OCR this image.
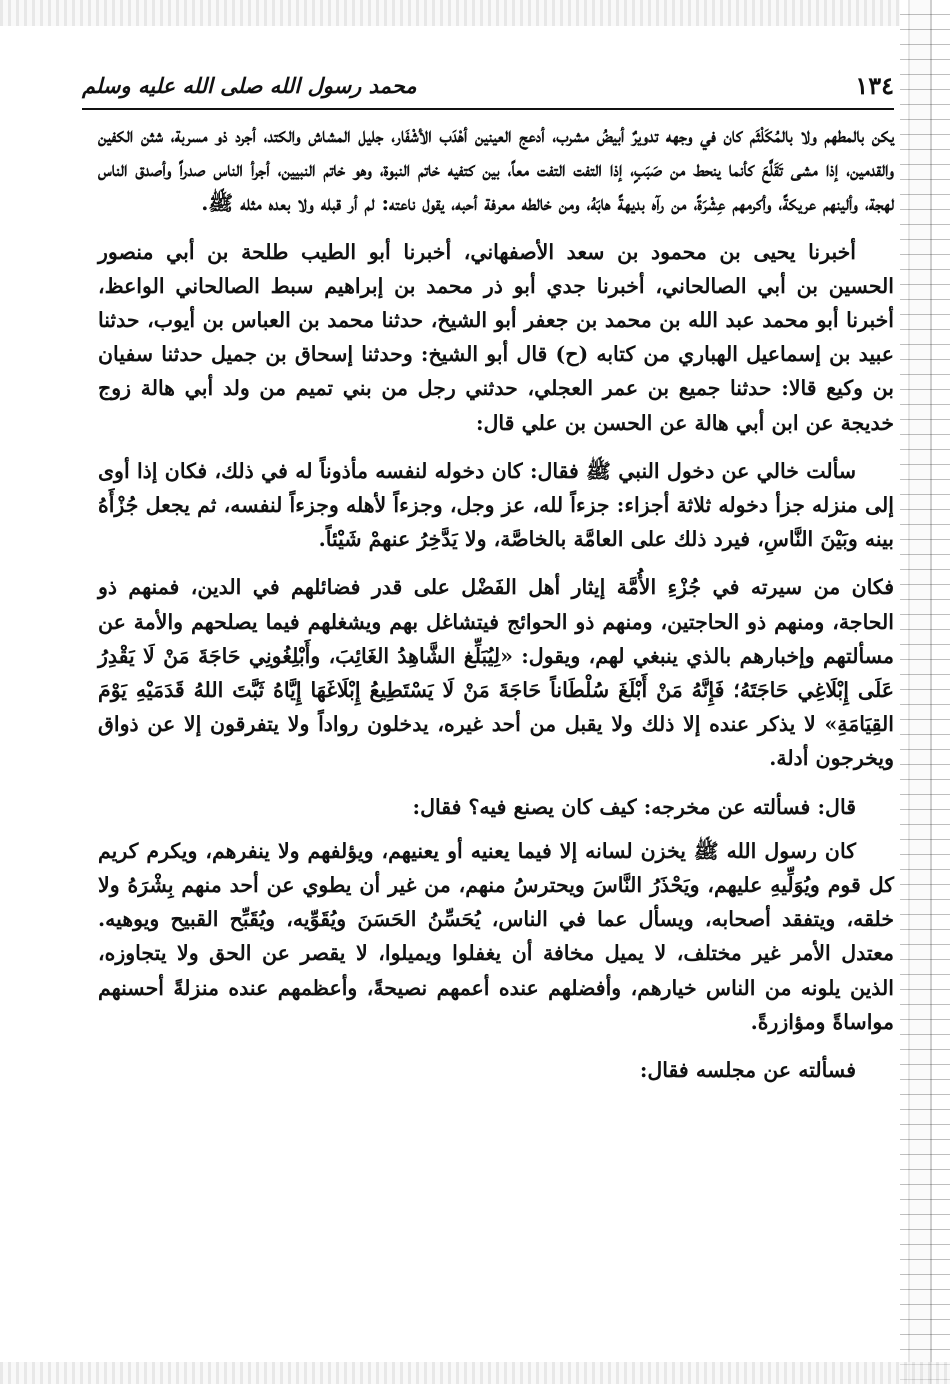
١٣٤
محمد رسول الله صلى الله عليه وسلم

يكن بالمطهم ولا بالمُكَلْثَم كان في وجهه تدويرٌ أبيضُ مشرب، أدعج العينين أهْدَب الأشْفَار، جليل المشاش والكتد، أجرد ذو مسربة، شثن الكفين والقدمين، إذا مشى تَقَلَّعَ كأنما ينحط من صَبَبٍ، إذا التفت التفت معاً، بين كتفيه خاتم النبوة، وهو خاتم النبيين، أجرأ الناس صدراً وأصدق الناس لهجة، وألينهم عريكةً، وأكرمهم عِشْرَةً، من رآه بديهةً هابَهُ، ومن خالطه معرفة أحبه، يقول ناعته: لم أر قبله ولا بعده مثله ﷺ.

أخبرنا يحيى بن محمود بن سعد الأصفهاني، أخبرنا أبو الطيب طلحة بن أبي منصور الحسين بن أبي الصالحاني، أخبرنا جدي أبو ذر محمد بن إبراهيم سبط الصالحاني الواعظ، أخبرنا أبو محمد عبد الله بن محمد بن جعفر أبو الشيخ، حدثنا محمد بن العباس بن أيوب، حدثنا عبيد بن إسماعيل الهباري من كتابه (ح) قال أبو الشيخ: وحدثنا إسحاق بن جميل حدثنا سفيان بن وكيع قالا: حدثنا جميع بن عمر العجلي، حدثني رجل من بني تميم من ولد أبي هالة زوج خديجة عن ابن أبي هالة عن الحسن بن علي قال:

سألت خالي عن دخول النبي ﷺ فقال: كان دخوله لنفسه مأذوناً له في ذلك، فكان إذا أوى إلى منزله جزأ دخوله ثلاثة أجزاء: جزءاً لله، عز وجل، وجزءاً لأهله وجزءاً لنفسه، ثم يجعل جُزْأَهُ بينه وبَيْنَ النَّاسِ، فيرد ذلك على العامَّة بالخاصَّة، ولا يَدَّخِرُ عنهمْ شَيْئاً.

فكان من سيرته في جُزْءِ الأُمَّة إيثار أهل الفَضْل على قدر فضائلهم في الدين، فمنهم ذو الحاجة، ومنهم ذو الحاجتين، ومنهم ذو الحوائج فيتشاغل بهم ويشغلهم فيما يصلحهم والأمة عن مسألتهم وإخبارهم بالذي ينبغي لهم، ويقول: «لِيُبَلِّغ الشَّاهِدُ الغَائِبَ، وأَبْلِغُونِي حَاجَةَ مَنْ لَا يَقْدِرُ عَلَى إِبْلَاغِي حَاجَتَهُ؛ فَإِنَّهُ مَنْ أَبْلَغَ سُلْطَاناً حَاجَةَ مَنْ لَا يَسْتَطِيعُ إِبْلَاغَهَا إِيَّاهُ ثَبَّتَ اللهُ قَدَمَيْهِ يَوْمَ القِيَامَةِ» لا يذكر عنده إلا ذلك ولا يقبل من أحد غيره، يدخلون رواداً ولا يتفرقون إلا عن ذواق ويخرجون أدلة.

قال: فسألته عن مخرجه: كيف كان يصنع فيه؟ فقال:

كان رسول الله ﷺ يخزن لسانه إلا فيما يعنيه أو يعنيهم، ويؤلفهم ولا ينفرهم، ويكرم كريم كل قوم ويُوَلِّيهِ عليهم، ويَحْذَرُ النَّاسَ ويحترسُ منهم، من غير أن يطوي عن أحد منهم بِشْرَهُ ولا خلقه، ويتفقد أصحابه، ويسأل عما في الناس، يُحَسِّنُ الحَسَنَ ويُقَوِّيه، ويُقَبِّح القبيح ويوهيه. معتدل الأمر غير مختلف، لا يميل مخافة أن يغفلوا ويميلوا، لا يقصر عن الحق ولا يتجاوزه، الذين يلونه من الناس خيارهم، وأفضلهم عنده أعمهم نصيحةً، وأعظمهم عنده منزلةً أحسنهم مواساةً ومؤازرةً.

فسألته عن مجلسه فقال:
